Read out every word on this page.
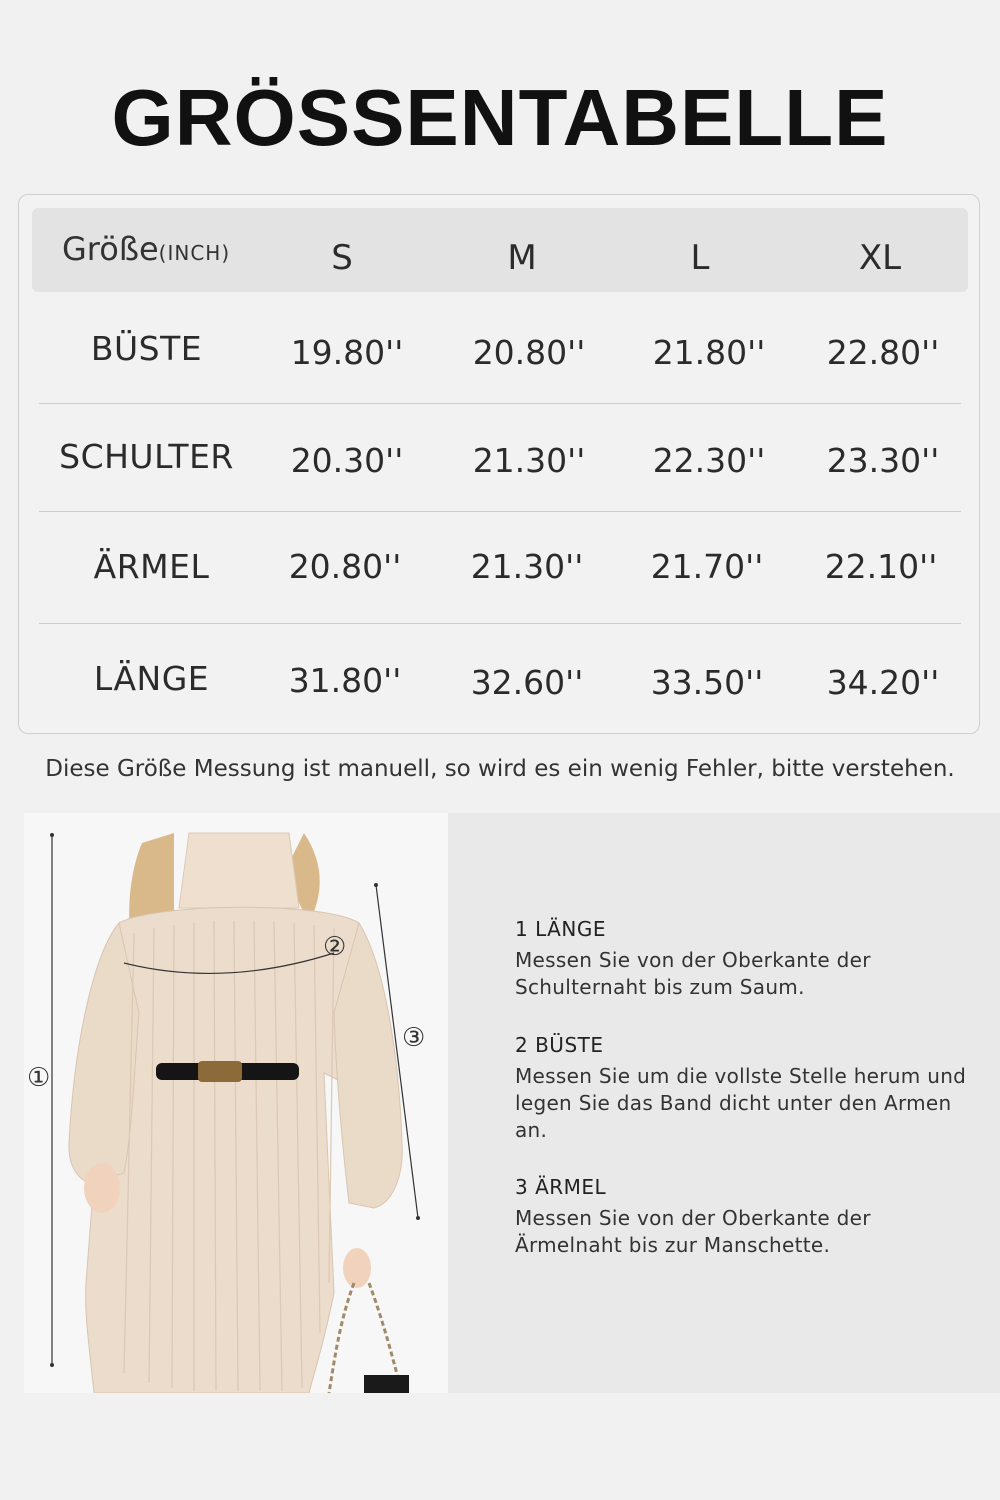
GRÖSSENTABELLE
Größe(INCH)	S	M	L	XL
BÜSTE	19.80'' 20.80'' 21.80'' 22.80''
SCHULTER	20.30'' 21.30'' 22.30'' 23.30''
ÄRMEL	20.80'' 21.30'' 21.70'' 22.10''
LÄNGE	31.80'' 32.60'' 33.50'' 34.20''
Diese Größe Messung ist manuell, so wird es ein wenig Fehler, bitte verstehen.
①
②
③
1 LÄNGE
Messen Sie von der Oberkante der Schulternaht bis zum Saum.
2 BÜSTE
Messen Sie um die vollste Stelle herum und legen Sie das Band dicht unter den Armen an.
3 ÄRMEL
Messen Sie von der Oberkante der Ärmelnaht bis zur Manschette.
